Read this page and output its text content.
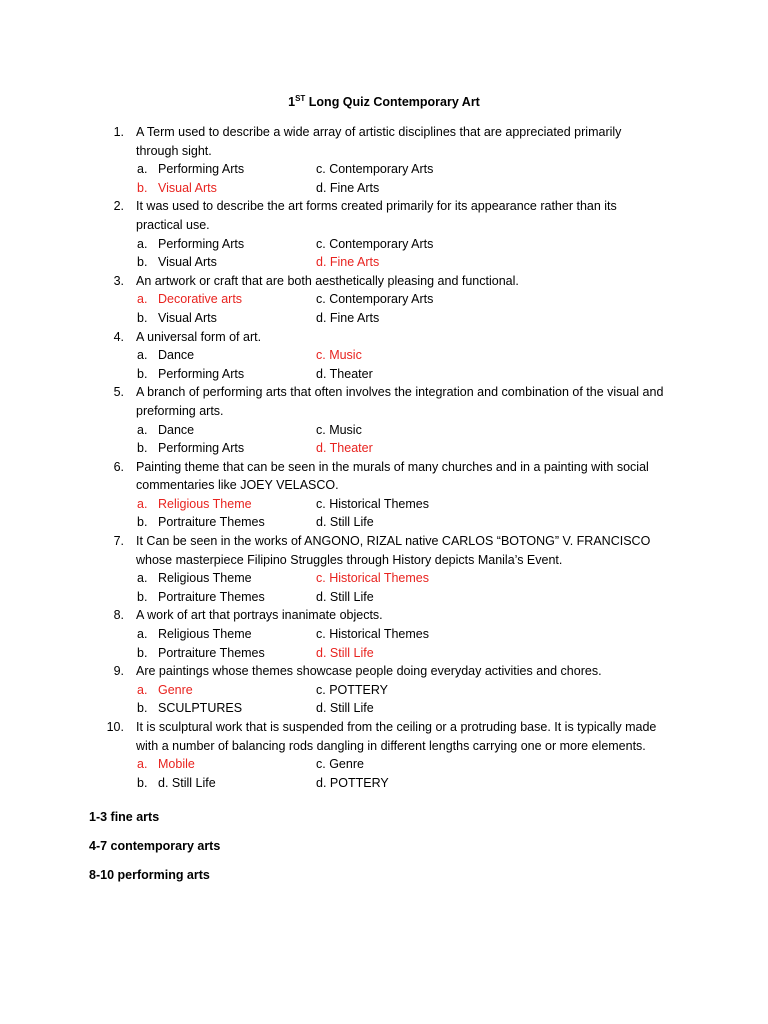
1ST Long Quiz Contemporary Art
1. A Term used to describe a wide array of artistic disciplines that are appreciated primarily through sight.
a. Performing Arts	c. Contemporary Arts
b. Visual Arts	d. Fine Arts
2. It was used to describe the art forms created primarily for its appearance rather than its practical use.
a. Performing Arts	c. Contemporary Arts
b. Visual Arts	d. Fine Arts
3. An artwork or craft that are both aesthetically pleasing and functional.
a. Decorative arts	c. Contemporary Arts
b. Visual Arts	d. Fine Arts
4. A universal form of art.
a. Dance	c. Music
b. Performing Arts	d. Theater
5. A branch of performing arts that often involves the integration and combination of the visual and preforming arts.
a. Dance	c. Music
b. Performing Arts	d. Theater
6. Painting theme that can be seen in the murals of many churches and in a painting with social commentaries like JOEY VELASCO.
a. Religious Theme	c. Historical Themes
b. Portraiture Themes	d. Still Life
7. It Can be seen in the works of ANGONO, RIZAL native CARLOS “BOTONG” V. FRANCISCO whose masterpiece Filipino Struggles through History depicts Manila’s Event.
a. Religious Theme	c. Historical Themes
b. Portraiture Themes	d. Still Life
8. A work of art that portrays inanimate objects.
a. Religious Theme	c. Historical Themes
b. Portraiture Themes	d. Still Life
9. Are paintings whose themes showcase people doing everyday activities and chores.
a. Genre	c. POTTERY
b. SCULPTURES	d. Still Life
10. It is sculptural work that is suspended from the ceiling or a protruding base. It is typically made with a number of balancing rods dangling in different lengths carrying one or more elements.
a. Mobile	c. Genre
b. d. Still Life	d. POTTERY
1-3 fine arts
4-7 contemporary arts
8-10 performing arts
